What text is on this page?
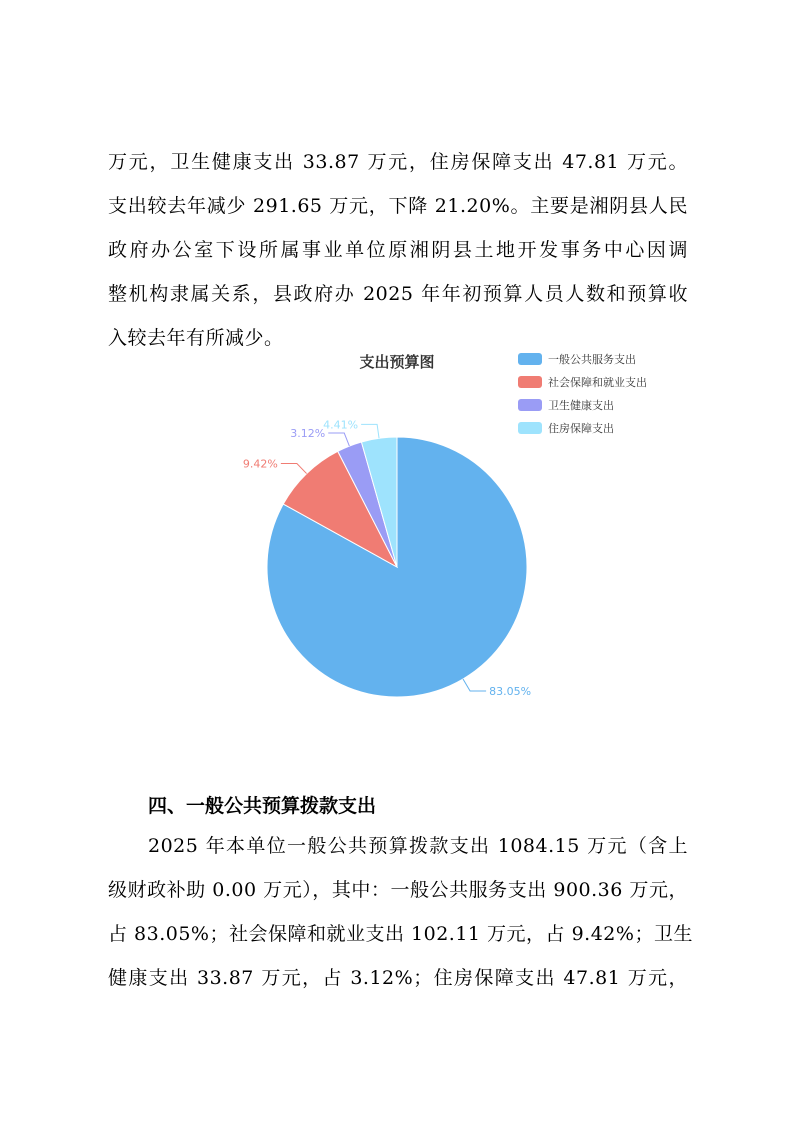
万元，卫生健康支出 33.87 万元，住房保障支出 47.81 万元。
支出较去年减少 291.65 万元，下降 21.20%。主要是湘阴县人民
政府办公室下设所属事业单位原湘阴县土地开发事务中心因调
整机构隶属关系，县政府办 2025 年年初预算人员人数和预算收
入较去年有所减少。
支出预算图
83.05%
9.42%
3.12%
4.41%
一般公共服务支出
社会保障和就业支出
卫生健康支出
住房保障支出
四、一般公共预算拨款支出
2025 年本单位一般公共预算拨款支出 1084.15 万元（含上
级财政补助 0.00 万元），其中：一般公共服务支出 900.36 万元，
占 83.05%；社会保障和就业支出 102.11 万元，占 9.42%；卫生
健康支出 33.87 万元，占 3.12%；住房保障支出 47.81 万元，
